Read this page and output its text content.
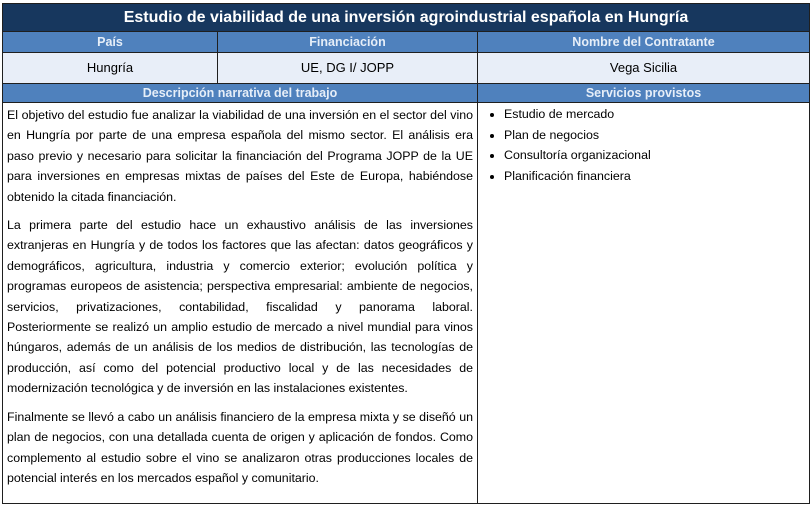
Estudio de viabilidad de una inversión agroindustrial española en Hungría
País	Financiación	Nombre del Contratante
Hungría	UE, DG I/ JOPP	Vega Sicilia
Descripción narrativa del trabajo	Servicios provistos

El objetivo del estudio fue analizar la viabilidad de una inversión en el sector del vino en Hungría por parte de una empresa española del mismo sector. El análisis era paso previo y necesario para solicitar la financiación del Programa JOPP de la UE para inversiones en empresas mixtas de países del Este de Europa, habiéndose obtenido la citada financiación.

La primera parte del estudio hace un exhaustivo análisis de las inversiones extranjeras en Hungría y de todos los factores que las afectan: datos geográficos y demográficos, agricultura, industria y comercio exterior; evolución política y programas europeos de asistencia; perspectiva empresarial: ambiente de negocios, servicios, privatizaciones, contabilidad, fiscalidad y panorama laboral. Posteriormente se realizó un amplio estudio de mercado a nivel mundial para vinos húngaros, además de un análisis de los medios de distribución, las tecnologías de producción, así como del potencial productivo local y de las necesidades de modernización tecnológica y de inversión en las instalaciones existentes.

Finalmente se llevó a cabo un análisis financiero de la empresa mixta y se diseñó un plan de negocios, con una detallada cuenta de origen y aplicación de fondos. Como complemento al estudio sobre el vino se analizaron otras producciones locales de potencial interés en los mercados español y comunitario.

• Estudio de mercado
• Plan de negocios
• Consultoría organizacional
• Planificación financiera
